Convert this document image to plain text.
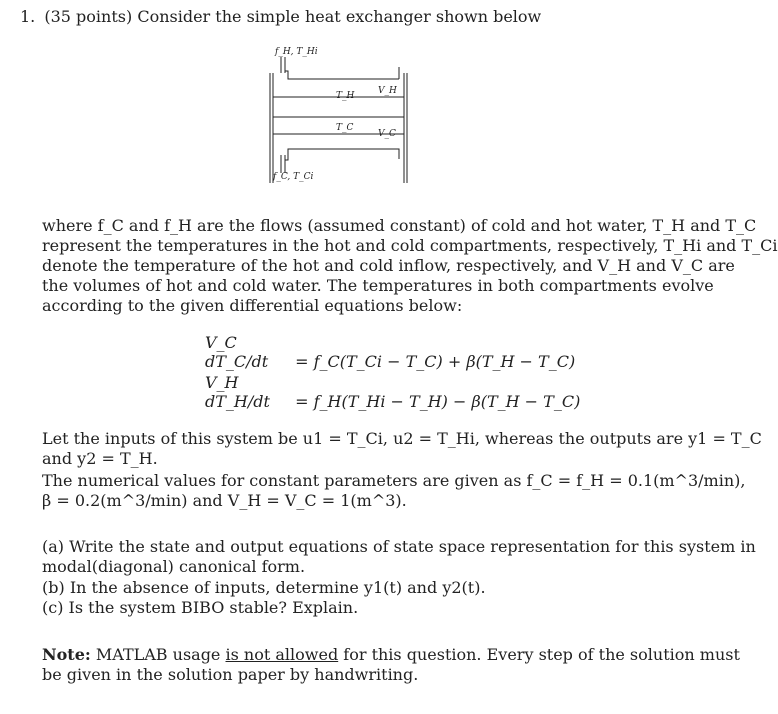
1. (35 points) Consider the simple heat exchanger shown below
f_H, T_Hi
T_H	V_H
T_C
V_C
f_C, T_Ci
where f_C and f_H are the flows (assumed constant) of cold and hot water, T_H and T_C
represent the temperatures in the hot and cold compartments, respectively, T_Hi and T_Ci
denote the temperature of the hot and cold inflow, respectively, and V_H and V_C are
the volumes of hot and cold water. The temperatures in both compartments evolve
according to the given differential equations below:
V_C dT_C/dt = f_C(T_Ci − T_C) + β(T_H − T_C)
V_H dT_H/dt = f_H(T_Hi − T_H) − β(T_H − T_C)
Let the inputs of this system be u1 = T_Ci, u2 = T_Hi, whereas the outputs are y1 = T_C
and y2 = T_H.
The numerical values for constant parameters are given as f_C = f_H = 0.1(m^3/min),
β = 0.2(m^3/min) and V_H = V_C = 1(m^3).
(a) Write the state and output equations of state space representation for this system in
modal(diagonal) canonical form.
(b) In the absence of inputs, determine y1(t) and y2(t).
(c) Is the system BIBO stable? Explain.
Note: MATLAB usage is not allowed for this question. Every step of the solution must
be given in the solution paper by handwriting.
